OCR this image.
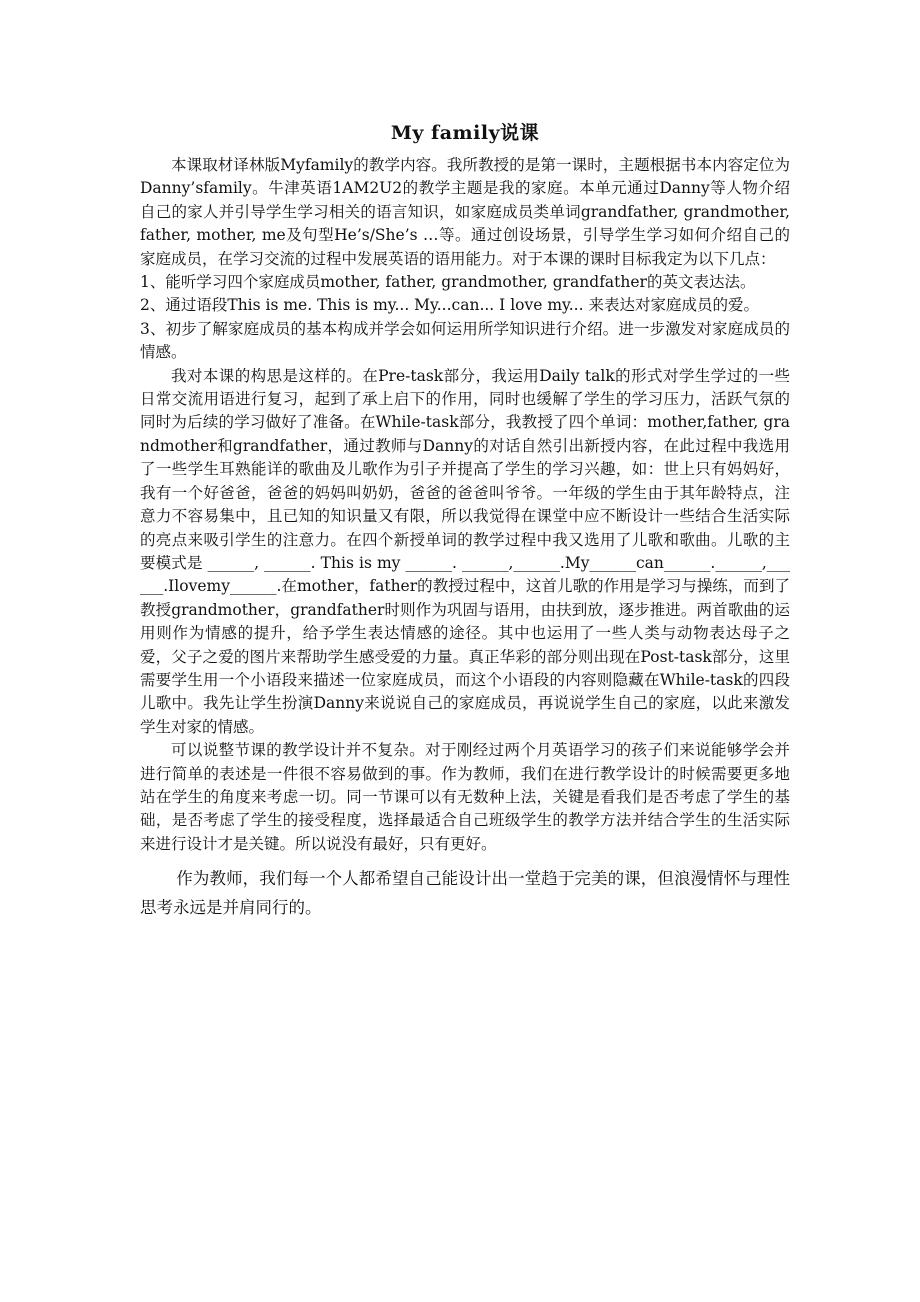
My family说课

本课取材译林版Myfamily的教学内容。我所教授的是第一课时，主题根据书本内容定位为Danny’sfamily。牛津英语1AM2U2的教学主题是我的家庭。本单元通过Danny等人物介绍自己的家人并引导学生学习相关的语言知识，如家庭成员类单词grandfather, grandmother, father, mother, me及句型He’s/She’s …等。通过创设场景，引导学生学习如何介绍自己的家庭成员，在学习交流的过程中发展英语的语用能力。对于本课的课时目标我定为以下几点：

1、能听学习四个家庭成员mother, father, grandmother, grandfather的英文表达法。

2、通过语段This is me. This is my... My...can... I love my... 来表达对家庭成员的爱。

3、初步了解家庭成员的基本构成并学会如何运用所学知识进行介绍。进一步激发对家庭成员的情感。

我对本课的构思是这样的。在Pre-task部分，我运用Daily talk的形式对学生学过的一些日常交流用语进行复习，起到了承上启下的作用，同时也缓解了学生的学习压力，活跃气氛的同时为后续的学习做好了准备。在While-task部分，我教授了四个单词：mother,father, grandmother和grandfather，通过教师与Danny的对话自然引出新授内容，在此过程中我选用了一些学生耳熟能详的歌曲及儿歌作为引子并提高了学生的学习兴趣，如：世上只有妈妈好，我有一个好爸爸，爸爸的妈妈叫奶奶，爸爸的爸爸叫爷爷。一年级的学生由于其年龄特点，注意力不容易集中，且已知的知识量又有限，所以我觉得在课堂中应不断设计一些结合生活实际的亮点来吸引学生的注意力。在四个新授单词的教学过程中我又选用了儿歌和歌曲。儿歌的主要模式是 ______, ______. This is my ______. ______,______.My______can______.______,______.Ilovemy______.在mother，father的教授过程中，这首儿歌的作用是学习与操练，而到了教授grandmother，grandfather时则作为巩固与语用，由扶到放，逐步推进。两首歌曲的运用则作为情感的提升，给予学生表达情感的途径。其中也运用了一些人类与动物表达母子之爱，父子之爱的图片来帮助学生感受爱的力量。真正华彩的部分则出现在Post-task部分，这里需要学生用一个小语段来描述一位家庭成员，而这个小语段的内容则隐藏在While-task的四段儿歌中。我先让学生扮演Danny来说说自己的家庭成员，再说说学生自己的家庭，以此来激发学生对家的情感。

可以说整节课的教学设计并不复杂。对于刚经过两个月英语学习的孩子们来说能够学会并进行简单的表述是一件很不容易做到的事。作为教师，我们在进行教学设计的时候需要更多地站在学生的角度来考虑一切。同一节课可以有无数种上法，关键是看我们是否考虑了学生的基础，是否考虑了学生的接受程度，选择最适合自己班级学生的教学方法并结合学生的生活实际来进行设计才是关键。所以说没有最好，只有更好。

作为教师，我们每一个人都希望自己能设计出一堂趋于完美的课，但浪漫情怀与理性思考永远是并肩同行的。
